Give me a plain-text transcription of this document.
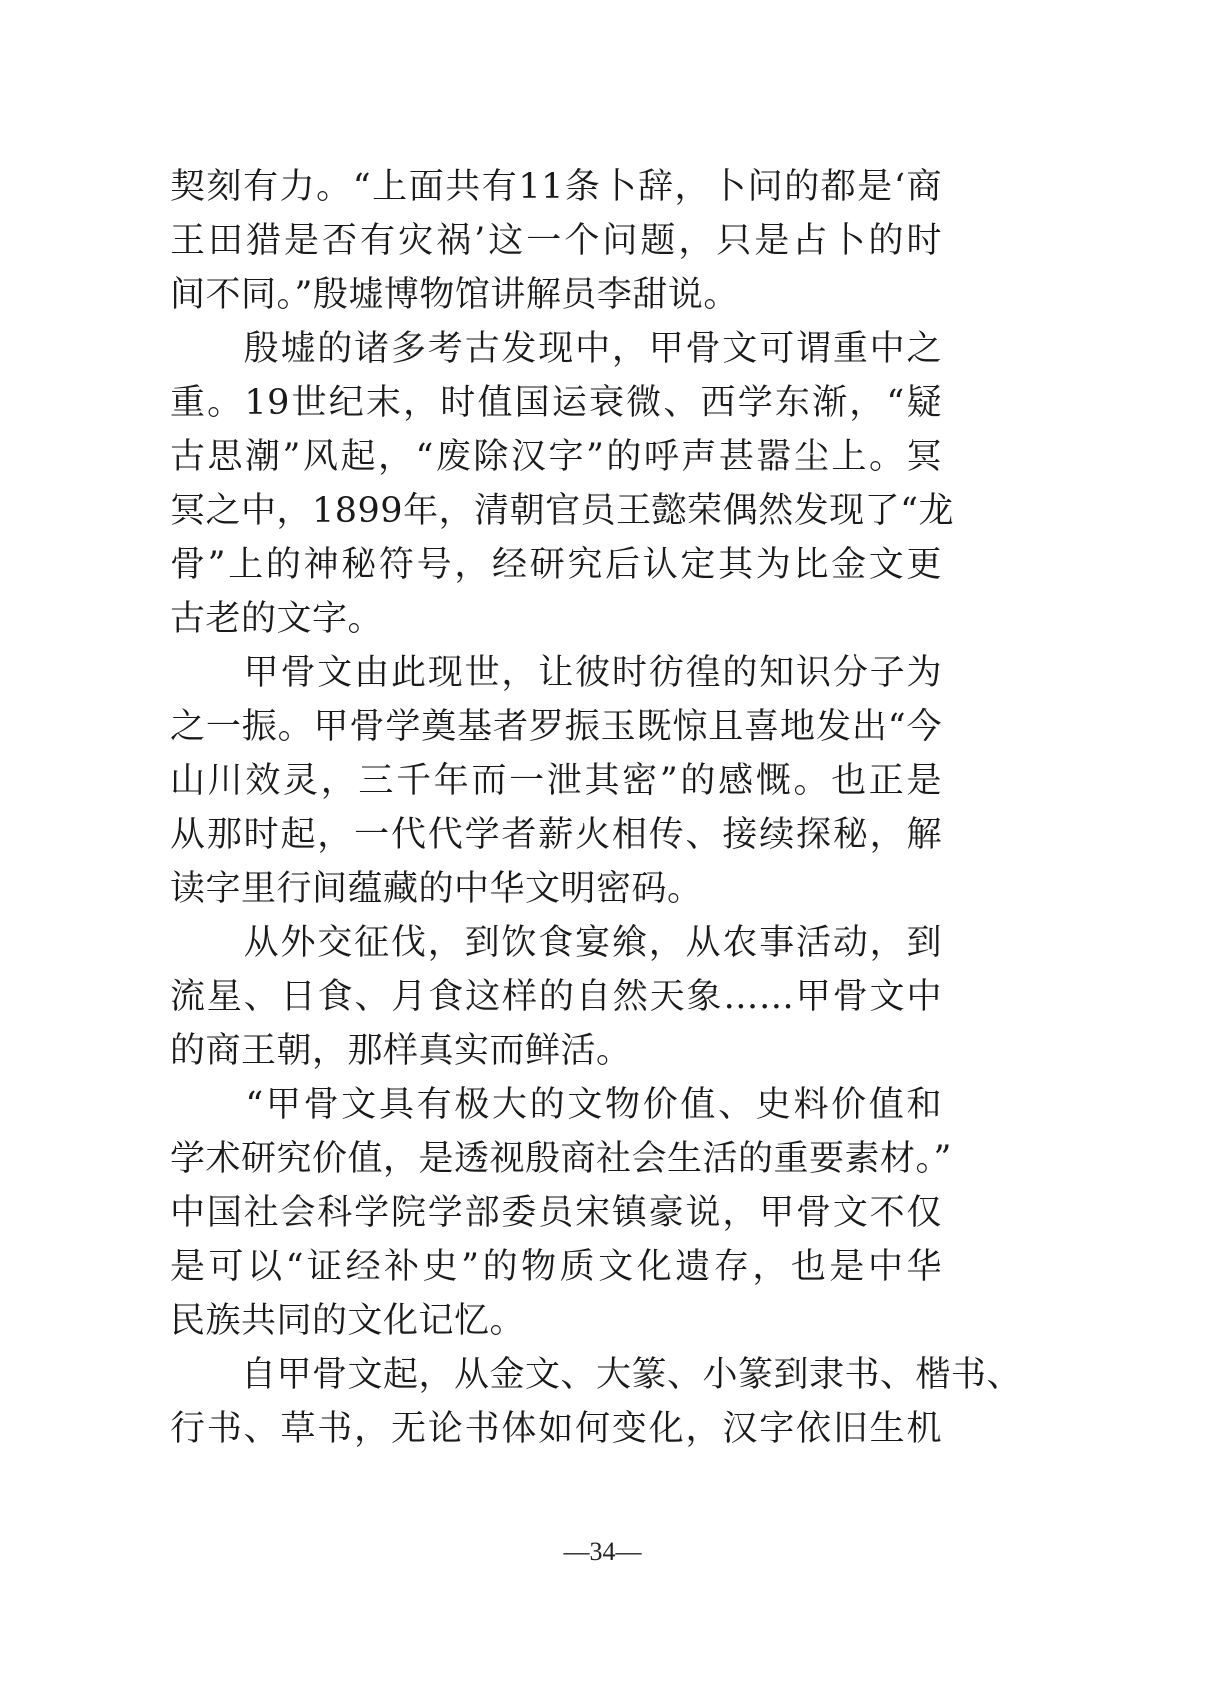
契刻有力。“上面共有11条卜辞，卜问的都是‘商
王田猎是否有灾祸’这一个问题，只是占卜的时
间不同。”殷墟博物馆讲解员李甜说。
　　殷墟的诸多考古发现中，甲骨文可谓重中之
重。19世纪末，时值国运衰微、西学东渐，“疑
古思潮”风起，“废除汉字”的呼声甚嚣尘上。冥
冥之中，1899年，清朝官员王懿荣偶然发现了“龙
骨”上的神秘符号，经研究后认定其为比金文更
古老的文字。
　　甲骨文由此现世，让彼时彷徨的知识分子为
之一振。甲骨学奠基者罗振玉既惊且喜地发出“今
山川效灵，三千年而一泄其密”的感慨。也正是
从那时起，一代代学者薪火相传、接续探秘，解
读字里行间蕴藏的中华文明密码。
　　从外交征伐，到饮食宴飨，从农事活动，到
流星、日食、月食这样的自然天象……甲骨文中
的商王朝，那样真实而鲜活。
　　“甲骨文具有极大的文物价值、史料价值和
学术研究价值，是透视殷商社会生活的重要素材。”
中国社会科学院学部委员宋镇豪说，甲骨文不仅
是可以“证经补史”的物质文化遗存，也是中华
民族共同的文化记忆。
　　自甲骨文起，从金文、大篆、小篆到隶书、楷书、
行书、草书，无论书体如何变化，汉字依旧生机
—34—
